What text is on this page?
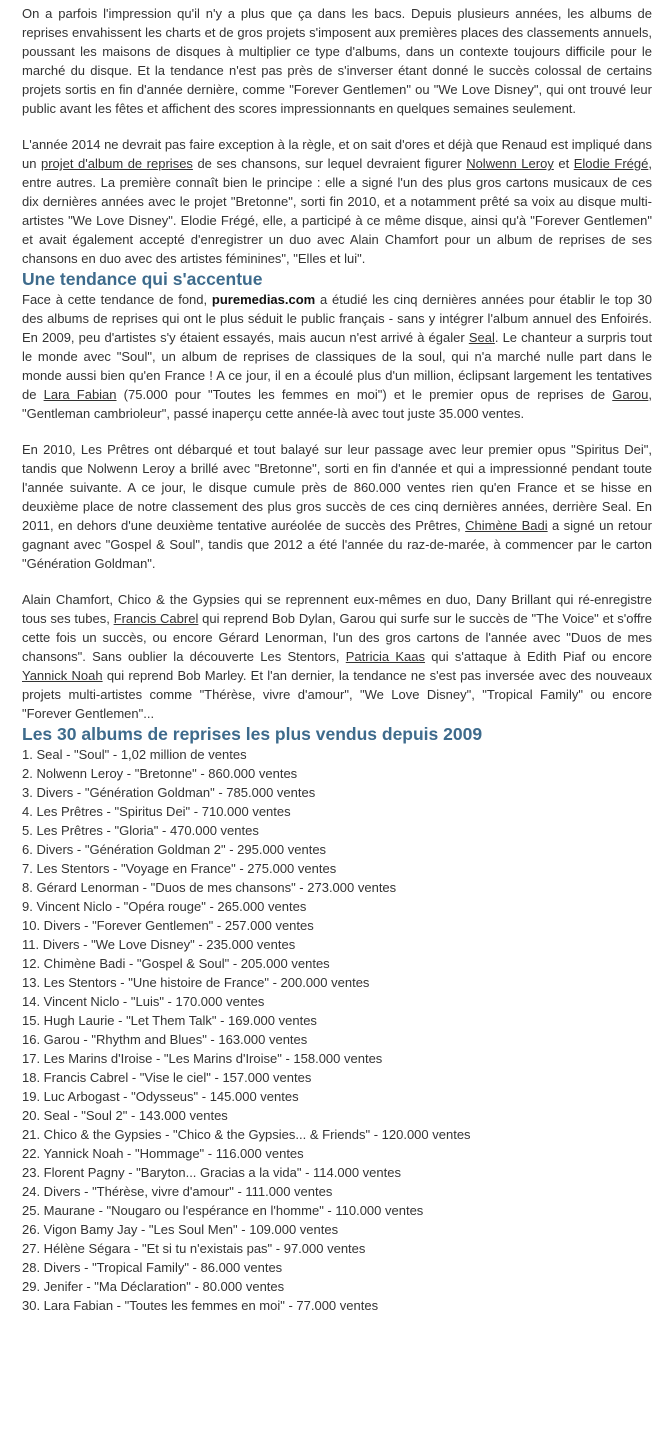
On a parfois l'impression qu'il n'y a plus que ça dans les bacs. Depuis plusieurs années, les albums de reprises envahissent les charts et de gros projets s'imposent aux premières places des classements annuels, poussant les maisons de disques à multiplier ce type d'albums, dans un contexte toujours difficile pour le marché du disque. Et la tendance n'est pas près de s'inverser étant donné le succès colossal de certains projets sortis en fin d'année dernière, comme "Forever Gentlemen" ou "We Love Disney", qui ont trouvé leur public avant les fêtes et affichent des scores impressionnants en quelques semaines seulement.

L'année 2014 ne devrait pas faire exception à la règle, et on sait d'ores et déjà que Renaud est impliqué dans un projet d'album de reprises de ses chansons, sur lequel devraient figurer Nolwenn Leroy et Elodie Frégé, entre autres. La première connaît bien le principe : elle a signé l'un des plus gros cartons musicaux de ces dix dernières années avec le projet "Bretonne", sorti fin 2010, et a notamment prêté sa voix au disque multi-artistes "We Love Disney". Elodie Frégé, elle, a participé à ce même disque, ainsi qu'à "Forever Gentlemen" et avait également accepté d'enregistrer un duo avec Alain Chamfort pour un album de reprises de ses chansons en duo avec des artistes féminines", "Elles et lui".

Une tendance qui s'accentue

Face à cette tendance de fond, puremedias.com a étudié les cinq dernières années pour établir le top 30 des albums de reprises qui ont le plus séduit le public français - sans y intégrer l'album annuel des Enfoirés. En 2009, peu d'artistes s'y étaient essayés, mais aucun n'est arrivé à égaler Seal. Le chanteur a surpris tout le monde avec "Soul", un album de reprises de classiques de la soul, qui n'a marché nulle part dans le monde aussi bien qu'en France ! A ce jour, il en a écoulé plus d'un million, éclipsant largement les tentatives de Lara Fabian (75.000 pour "Toutes les femmes en moi") et le premier opus de reprises de Garou, "Gentleman cambrioleur", passé inaperçu cette année-là avec tout juste 35.000 ventes.

En 2010, Les Prêtres ont débarqué et tout balayé sur leur passage avec leur premier opus "Spiritus Dei", tandis que Nolwenn Leroy a brillé avec "Bretonne", sorti en fin d'année et qui a impressionné pendant toute l'année suivante. A ce jour, le disque cumule près de 860.000 ventes rien qu'en France et se hisse en deuxième place de notre classement des plus gros succès de ces cinq dernières années, derrière Seal. En 2011, en dehors d'une deuxième tentative auréolée de succès des Prêtres, Chimène Badi a signé un retour gagnant avec "Gospel & Soul", tandis que 2012 a été l'année du raz-de-marée, à commencer par le carton "Génération Goldman".

Alain Chamfort, Chico & the Gypsies qui se reprennent eux-mêmes en duo, Dany Brillant qui ré-enregistre tous ses tubes, Francis Cabrel qui reprend Bob Dylan, Garou qui surfe sur le succès de "The Voice" et s'offre cette fois un succès, ou encore Gérard Lenorman, l'un des gros cartons de l'année avec "Duos de mes chansons". Sans oublier la découverte Les Stentors, Patricia Kaas qui s'attaque à Edith Piaf ou encore Yannick Noah qui reprend Bob Marley. Et l'an dernier, la tendance ne s'est pas inversée avec des nouveaux projets multi-artistes comme "Thérèse, vivre d'amour", "We Love Disney", "Tropical Family" ou encore "Forever Gentlemen"...

Les 30 albums de reprises les plus vendus depuis 2009
1. Seal - "Soul" - 1,02 million de ventes
2. Nolwenn Leroy - "Bretonne" - 860.000 ventes
3. Divers - "Génération Goldman" - 785.000 ventes
4. Les Prêtres - "Spiritus Dei" - 710.000 ventes
5. Les Prêtres - "Gloria" - 470.000 ventes
6. Divers - "Génération Goldman 2" - 295.000 ventes
7. Les Stentors - "Voyage en France" - 275.000 ventes
8. Gérard Lenorman - "Duos de mes chansons" - 273.000 ventes
9. Vincent Niclo - "Opéra rouge" - 265.000 ventes
10. Divers - "Forever Gentlemen" - 257.000 ventes
11. Divers - "We Love Disney" - 235.000 ventes
12. Chimène Badi - "Gospel & Soul" - 205.000 ventes
13. Les Stentors - "Une histoire de France" - 200.000 ventes
14. Vincent Niclo - "Luis" - 170.000 ventes
15. Hugh Laurie - "Let Them Talk" - 169.000 ventes
16. Garou - "Rhythm and Blues" - 163.000 ventes
17. Les Marins d'Iroise - "Les Marins d'Iroise" - 158.000 ventes
18. Francis Cabrel - "Vise le ciel" - 157.000 ventes
19. Luc Arbogast - "Odysseus" - 145.000 ventes
20. Seal - "Soul 2" - 143.000 ventes
21. Chico & the Gypsies - "Chico & the Gypsies... & Friends" - 120.000 ventes
22. Yannick Noah - "Hommage" - 116.000 ventes
23. Florent Pagny - "Baryton... Gracias a la vida" - 114.000 ventes
24. Divers - "Thérèse, vivre d'amour" - 111.000 ventes
25. Maurane - "Nougaro ou l'espérance en l'homme" - 110.000 ventes
26. Vigon Bamy Jay - "Les Soul Men" - 109.000 ventes
27. Hélène Ségara - "Et si tu n'existais pas" - 97.000 ventes
28. Divers - "Tropical Family" - 86.000 ventes
29. Jenifer - "Ma Déclaration" - 80.000 ventes
30. Lara Fabian - "Toutes les femmes en moi" - 77.000 ventes
